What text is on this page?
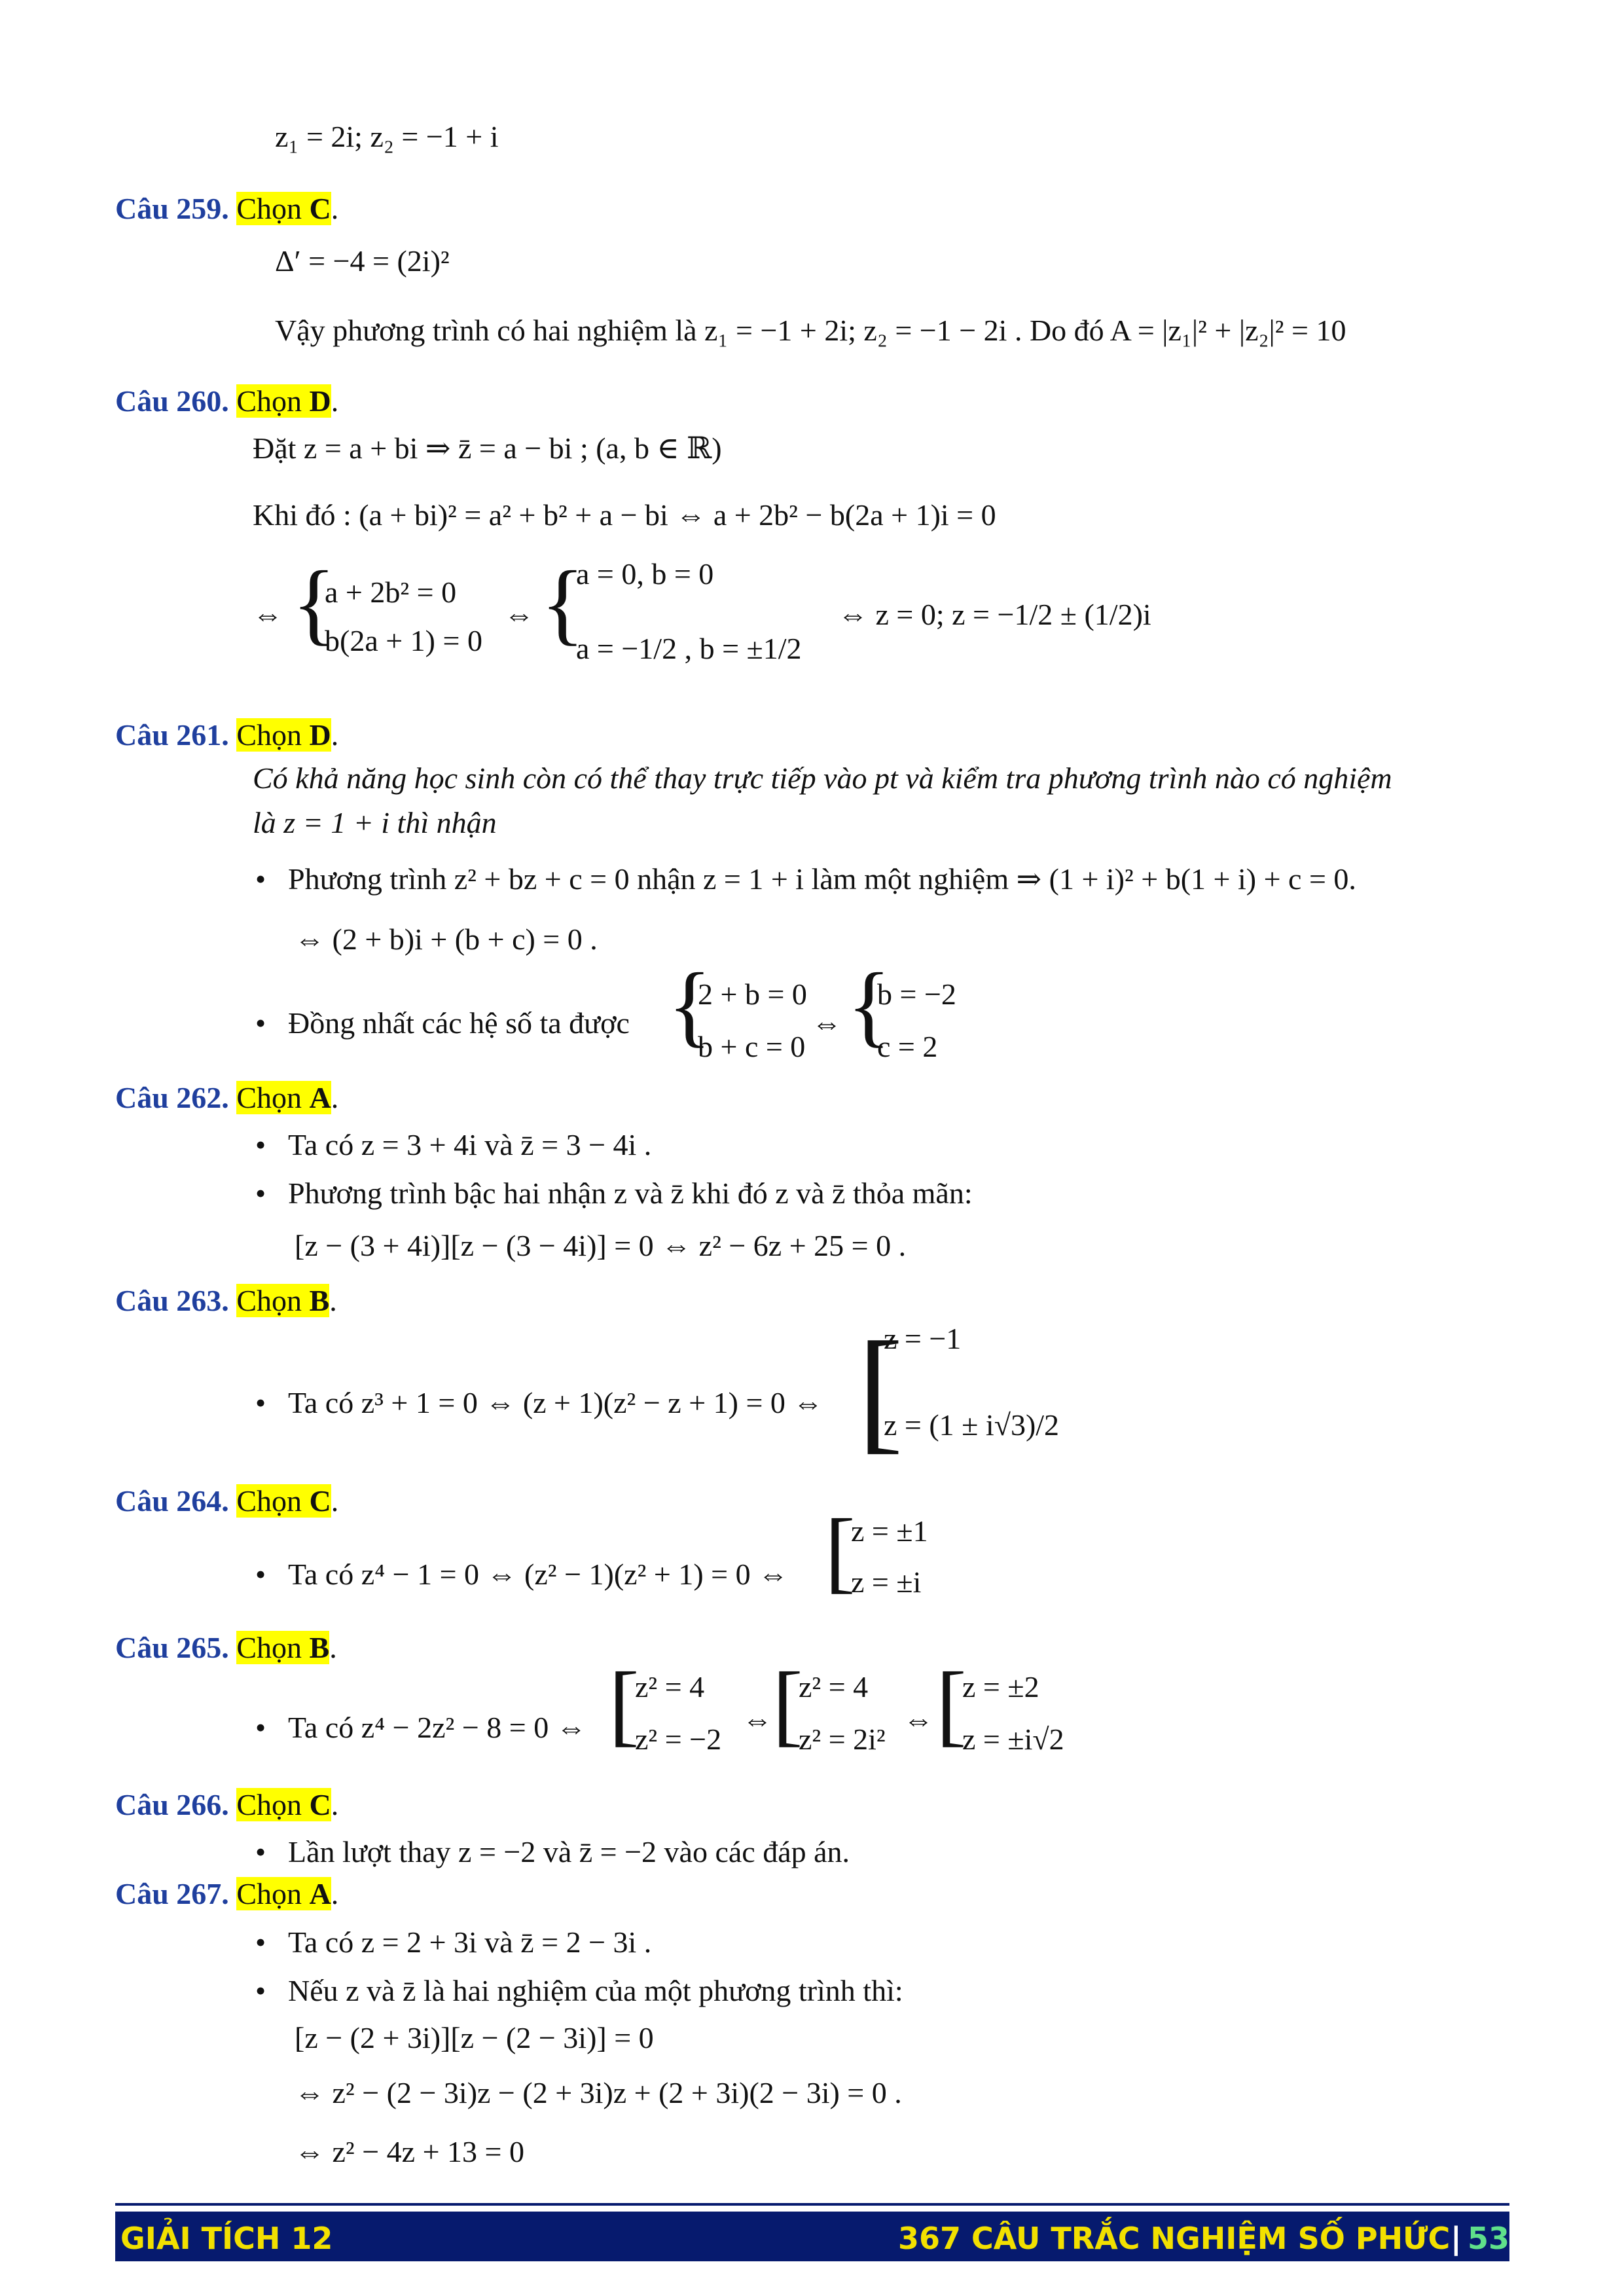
z₁ = 2i; z₂ = −1 + i
Câu 259. Chọn C.
Δ′ = −4 = (2i)²
Vậy phương trình có hai nghiệm là z₁ = −1 + 2i; z₂ = −1 − 2i . Do đó A = |z₁|² + |z₂|² = 10
Câu 260. Chọn D.
Đặt z = a + bi ⇒ z̄ = a − bi ; (a, b ∈ ℝ)
Khi đó : (a + bi)² = a² + b² + a − bi ⇔ a + 2b² − b(2a + 1)i = 0
⇔ {
a + 2b² = 0
b(2a + 1) = 0
⇔ {
a = 0, b = 0
a = −1/2 , b = ±1/2
⇔ z = 0; z = −1/2 ± (1/2)i
Câu 261. Chọn D.
Có khả năng học sinh còn có thể thay trực tiếp vào pt và kiểm tra phương trình nào có nghiệm
là z = 1 + i thì nhận
• Phương trình z² + bz + c = 0 nhận z = 1 + i làm một nghiệm ⇒ (1 + i)² + b(1 + i) + c = 0.
⇔ (2 + b)i + (b + c) = 0 .
• Đồng nhất các hệ số ta được {
2 + b = 0
b + c = 0
⇔ {
b = −2
c = 2
Câu 262. Chọn A.
• Ta có z = 3 + 4i và z̄ = 3 − 4i .
• Phương trình bậc hai nhận z và z̄ khi đó z và z̄ thỏa mãn:
[z − (3 + 4i)][z − (3 − 4i)] = 0 ⇔ z² − 6z + 25 = 0 .
Câu 263. Chọn B.
• Ta có z³ + 1 = 0 ⇔ (z + 1)(z² − z + 1) = 0 ⇔ [
z = −1
z = (1 ± i√3)/2
Câu 264. Chọn C.
• Ta có z⁴ − 1 = 0 ⇔ (z² − 1)(z² + 1) = 0 ⇔ [
z = ±1
z = ±i
Câu 265. Chọn B.
• Ta có z⁴ − 2z² − 8 = 0 ⇔ [
z² = 4
z² = −2
⇔ [
z² = 4
z² = 2i²
⇔ [
z = ±2
z = ±i√2
Câu 266. Chọn C.
• Lần lượt thay z = −2 và z̄ = −2 vào các đáp án.
Câu 267. Chọn A.
• Ta có z = 2 + 3i và z̄ = 2 − 3i .
• Nếu z và z̄ là hai nghiệm của một phương trình thì:
[z − (2 + 3i)][z − (2 − 3i)] = 0
⇔ z² − (2 − 3i)z − (2 + 3i)z + (2 + 3i)(2 − 3i) = 0 .
⇔ z² − 4z + 13 = 0
GIẢI TÍCH 12	367 CÂU TRẮC NGHIỆM SỐ PHỨC | 53
